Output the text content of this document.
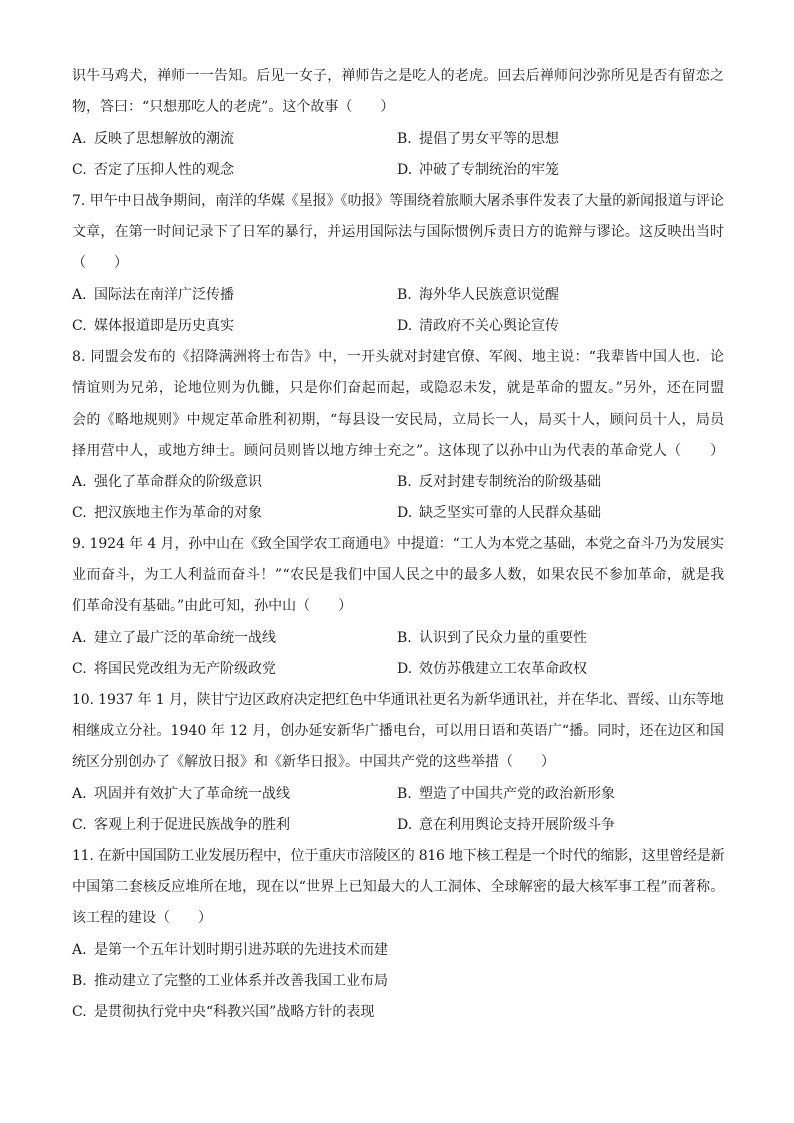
识牛马鸡犬，禅师一一告知。后见一女子，禅师告之是吃人的老虎。回去后禅师问沙弥所见是否有留恋之
物，答曰：“只想那吃人的老虎”。这个故事（　　）
A. 反映了思想解放的潮流	B. 提倡了男女平等的思想
C. 否定了压抑人性的观念	D. 冲破了专制统治的牢笼
7. 甲午中日战争期间，南洋的华媒《星报》《叻报》等围绕着旅顺大屠杀事件发表了大量的新闻报道与评论
文章，在第一时间记录下了日军的暴行，并运用国际法与国际惯例斥责日方的诡辩与谬论。这反映出当时
（　　）
A. 国际法在南洋广泛传播	B. 海外华人民族意识觉醒
C. 媒体报道即是历史真实	D. 清政府不关心舆论宣传
8. 同盟会发布的《招降满洲将士布告》中，一开头就对封建官僚、军阀、地主说：“我辈皆中国人也．论
情谊则为兄弟，论地位则为仇雠，只是你们奋起而起，或隐忍未发，就是革命的盟友。”另外，还在同盟
会的《略地规则》中规定革命胜利初期，“每县设一安民局，立局长一人，局买十人，顾问员十人，局员
择用营中人，或地方绅士。顾问员则皆以地方绅士充之”。这体现了以孙中山为代表的革命党人（　　）
A. 强化了革命群众的阶级意识	B. 反对封建专制统治的阶级基础
C. 把汉族地主作为革命的对象	D. 缺乏坚实可靠的人民群众基础
9. 1924 年 4 月，孙中山在《致全国学农工商通电》中提道：“工人为本党之基础，本党之奋斗乃为发展实
业而奋斗，为工人利益而奋斗！”“农民是我们中国人民之中的最多人数，如果农民不参加革命，就是我
们革命没有基础。”由此可知，孙中山（　　）
A. 建立了最广泛的革命统一战线	B. 认识到了民众力量的重要性
C. 将国民党改组为无产阶级政党	D. 效仿苏俄建立工农革命政权
10. 1937 年 1 月，陕甘宁边区政府决定把红色中华通讯社更名为新华通讯社，并在华北、晋绥、山东等地
相继成立分社。1940 年 12 月，创办延安新华广播电台，可以用日语和英语广“播。同时，还在边区和国
统区分别创办了《解放日报》和《新华日报》。中国共产党的这些举措（　　）
A. 巩固并有效扩大了革命统一战线	B. 塑造了中国共产党的政治新形象
C. 客观上利于促进民族战争的胜利	D. 意在利用舆论支持开展阶级斗争
11. 在新中国国防工业发展历程中，位于重庆市涪陵区的 816 地下核工程是一个时代的缩影，这里曾经是新
中国第二套核反应堆所在地，现在以“世界上已知最大的人工洞体、全球解密的最大核军事工程”而著称。
该工程的建设（　　）
A. 是第一个五年计划时期引进苏联的先进技术而建
B. 推动建立了完整的工业体系并改善我国工业布局
C. 是贯彻执行党中央“科教兴国”战略方针的表现
